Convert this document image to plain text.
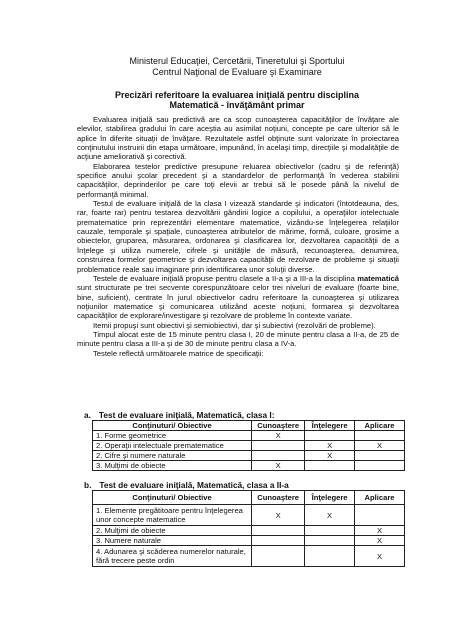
Ministerul Educaţiei, Cercetării, Tineretului şi Sportului
Centrul Naţional de Evaluare şi Examinare
Precizări referitoare la evaluarea iniţială pentru disciplina
Matematică - învăţământ primar

Evaluarea iniţială sau predictivă are ca scop cunoaşterea capacităţilor de învăţare ale elevilor, stabilirea gradului în care aceştia au asimilat noţiuni, concepte pe care ulterior să le aplice în diferite situaţii de învăţare. Rezultatele astfel obţinute sunt valorizate în proiectarea conţinutului instruirii din etapa următoare, impunând, în acelaşi timp, direcţiile şi modalităţile de acţiune ameliorativă şi corectivă.

Elaborarea testelor predictive presupune reluarea obiectivelor (cadru şi de referinţă) specifice anului şcolar precedent şi a standardelor de performanţă în vederea stabilirii capacităţilor, deprinderilor pe care toţi elevii ar trebui să le posede până la nivelul de performanţă minimal.

Testul de evaluare iniţială de la clasa I vizează standarde şi indicatori (întotdeauna, des, rar, foarte rar) pentru testarea dezvoltării gândirii logice a copilului, a operaţiilor intelectuale prematematice prin reprezentări elementare matematice, vizându-se înţelegerea relaţiilor cauzale, temporale şi spaţiale, cunoaşterea atributelor de mărime, formă, culoare, grosime a obiectelor, gruparea, măsurarea, ordonarea şi clasificarea lor, dezvoltarea capacităţii de a înţelege şi utiliza numerele, cifrele şi unităţile de măsură, recunoaşterea, denumirea, construirea formelor geometrice şi dezvoltarea capacităţii de rezolvare de probleme şi situaţii problematice reale sau imaginare prin identificarea unor soluţii diverse.

Testele de evaluare iniţială propuse pentru clasele a II-a şi a III-a la disciplina matematică sunt structurate pe trei secvente corespunzătoare celor trei niveluri de evaluare (foarte bine, bine, suficient), centrate în jurul obiectivelor cadru referitoare la cunoaşterea şi utilizarea noţiunilor matematice şi comunicarea utilizând aceste noţiuni, formarea şi dezvoltarea capacităţilor de explorare/investigare şi rezolvare de probleme în contexte variate.

Itemii propuşi sunt obiectivi şi semiobiectivi, dar şi subiectivi (rezolvări de probleme).

Timpul alocat este de 15 minute pentru clasa I, 20 de minute pentru clasa a II-a, de 25 de minute pentru clasa a III-a şi de 30 de minute pentru clasa a IV-a.

Testele reflectă următoarele matrice de specificaţii:

a. Test de evaluare iniţială, Matematică, clasa I:
Conţinuturi/ Obiective	Cunoaştere	Înţelegere	Aplicare
1. Forme geometrice	X		
2. Operaţii intelectuale prematematice		X	X
2. Cifre şi numere naturale		X	
3. Mulţimi de obiecte	X		
b. Test de evaluare iniţială, Matematică, clasa a II-a
Conţinuturi/ Obiective	Cunoaştere	Înţelegere	Aplicare
1. Elemente pregătitoare pentru înţelegerea unor concepte matematice	X	X	
2. Mulţimi de obiecte			X
3. Numere naturale			X
4. Adunarea şi scăderea numerelor naturale, fără trecere peste ordin			X
